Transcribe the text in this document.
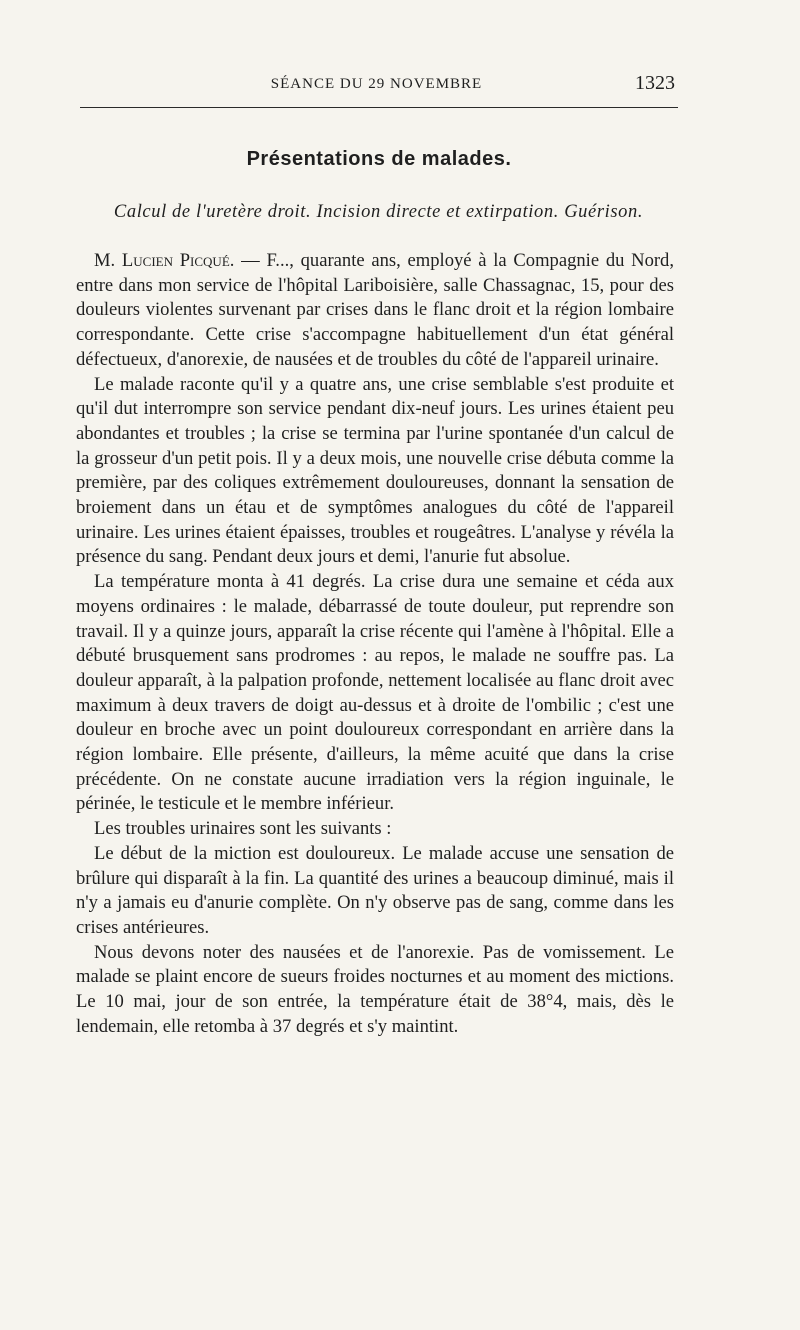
SÉANCE DU 29 NOVEMBRE	1323
Présentations de malades.
Calcul de l'uretère droit. Incision directe et extirpation. Guérison.

M. Lucien Picqué. — F..., quarante ans, employé à la Compagnie du Nord, entre dans mon service de l'hôpital Lariboisière, salle Chassagnac, 15, pour des douleurs violentes survenant par crises dans le flanc droit et la région lombaire correspondante. Cette crise s'accompagne habituellement d'un état général défectueux, d'anorexie, de nausées et de troubles du côté de l'appareil urinaire.

Le malade raconte qu'il y a quatre ans, une crise semblable s'est produite et qu'il dut interrompre son service pendant dix-neuf jours. Les urines étaient peu abondantes et troubles ; la crise se termina par l'urine spontanée d'un calcul de la grosseur d'un petit pois. Il y a deux mois, une nouvelle crise débuta comme la première, par des coliques extrêmement douloureuses, donnant la sensation de broiement dans un étau et de symptômes analogues du côté de l'appareil urinaire. Les urines étaient épaisses, troubles et rougeâtres. L'analyse y révéla la présence du sang. Pendant deux jours et demi, l'anurie fut absolue.

La température monta à 41 degrés. La crise dura une semaine et céda aux moyens ordinaires : le malade, débarrassé de toute douleur, put reprendre son travail. Il y a quinze jours, apparaît la crise récente qui l'amène à l'hôpital. Elle a débuté brusquement sans prodromes : au repos, le malade ne souffre pas. La douleur apparaît, à la palpation profonde, nettement localisée au flanc droit avec maximum à deux travers de doigt au-dessus et à droite de l'ombilic ; c'est une douleur en broche avec un point douloureux correspondant en arrière dans la région lombaire. Elle présente, d'ailleurs, la même acuité que dans la crise précédente. On ne constate aucune irradiation vers la région inguinale, le périnée, le testicule et le membre inférieur.

Les troubles urinaires sont les suivants :

Le début de la miction est douloureux. Le malade accuse une sensation de brûlure qui disparaît à la fin. La quantité des urines a beaucoup diminué, mais il n'y a jamais eu d'anurie complète. On n'y observe pas de sang, comme dans les crises antérieures.

Nous devons noter des nausées et de l'anorexie. Pas de vomissement. Le malade se plaint encore de sueurs froides nocturnes et au moment des mictions. Le 10 mai, jour de son entrée, la température était de 38°4, mais, dès le lendemain, elle retomba à 37 degrés et s'y maintint.
